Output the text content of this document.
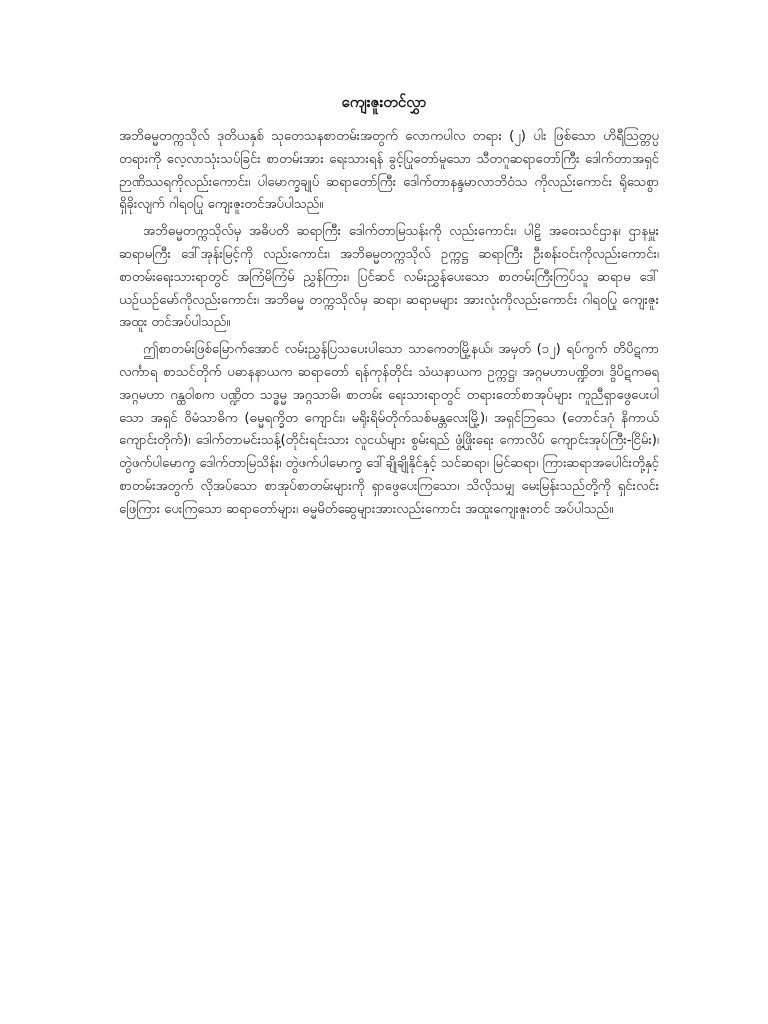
ကျေးဇူးတင်လွှာ

အဘိဓမ္မတက္ကသိုလ် ဒုတိယနှစ် သုတေသနစာတမ်းအတွက် လောကပါလ တရား (၂) ပါး ဖြစ်သော ဟိရီသြတ္တပ္ပတရားကို လေ့လာသုံးသပ်ခြင်း စာတမ်းအား ရေးသားရန် ခွင့်ပြုတော်မူသော သီတဂူဆရာတော်ကြီး ဒေါက်တာအရှင် ဉာဏိဿရကိုလည်းကောင်း၊ ပါမောက္ခချုပ် ဆရာတော်ကြီး ဒေါက်တာနန္ဒမာလာဘိဝံသ ကိုလည်းကောင်း ရိုသေစွာ ရှိခိုးလျက် ဂါရဝပြု ကျေးဇူးတင်အပ်ပါသည်။

အဘိဓမ္မတက္ကသိုလ်မှ အဓိပတိ ဆရာကြီး ဒေါက်တာမြသန်းကို လည်းကောင်း၊ ပါဠိ အဝေးသင်ဌာန၊ ဌာနမှူး ဆရာမကြီး ဒေါ်အုန်းမြင့်ကို လည်းကောင်း၊ အဘိဓမ္မတက္ကသိုလ် ဥက္ကဋ္ဌ ဆရာကြီး ဦးစန်းဝင်းကိုလည်းကောင်း၊ စာတမ်းရေးသားရာတွင် အကြံမိကြံမ် ညွှန်ကြား၊ ပြင်ဆင် လမ်းညွှန်ပေးသော စာတမ်းကြီးကြပ်သူ ဆရာမ ဒေါ်ယဉ်ယဉ်မော်ကိုလည်းကောင်း၊ အဘိဓမ္မ တက္ကသိုလ်မှ ဆရာ၊ ဆရာမများ အားလုံးကိုလည်းကောင်း ဂါရဝပြု ကျေးဇူး အထူး တင်အပ်ပါသည်။

ဤစာတမ်းဖြစ်မြောက်အောင် လမ်းညွှန်ပြသပေးပါသော သာကေတမြို့နယ်၊ အမှတ် (၁၂) ရပ်ကွက် တိပိဋကာလင်္ကာရ စာသင်တိုက် ပဓာနနာယက ဆရာတော် ရန်ကုန်တိုင်း သံဃနာယက ဥက္ကဋ္ဌ၊ အဂ္ဂမဟာပဏ္ဍိတ၊ ဒွိပိဋကဓရ အဂ္ဂမဟာ ဂန္ထဝါစက ပဏ္ဍိတ သဒ္ဓမ္မ အဂ္ဂသာမိ၊ စာတမ်း ရေးသားရာတွင် တရားတော်စာအုပ်များ ကူညီရှာဖွေပေးပါသော အရှင် ဝိမံသာဓိက (ဓမ္မရက္ခိတ ကျောင်း၊ မရိုးရိမ်တိုက်သစ်မန္တလေးမြို့)၊ အရှင်ဘြသေ (တောင်ဒဂုံ နိကာယ်ကျောင်းတိုက်)၊ ဒေါက်တာမင်းသန့်(တိုင်းရင်းသား လူငယ်များ စွမ်းရည် ဖွံ့ဖြိုးရေး ကောလိပ် ကျောင်းအုပ်ကြီး-ငြိမ်း)၊ တွဲဖက်ပါမောက္ခ ဒေါက်တာမြသိန်း၊ တွဲဖက်ပါမောက္ခ ဒေါ်ချိုချိုနိုင်နှင့် သင်ဆရာ၊ မြင်ဆရာ၊ ကြားဆရာအပေါင်းတို့နှင့် စာတမ်းအတွက် လိုအပ်သော စာအုပ်စာတမ်းများကို ရှာဖွေပေးကြသော၊ သိလိုသမျှ မေးမြန်းသည်တို့ကို ရှင်းလင်းဖြေကြား ပေးကြသော ဆရာတော်များ၊ ဓမ္မမိတ်ဆွေများအားလည်းကောင်း အထူးကျေးဇူးတင် အပ်ပါသည်။
